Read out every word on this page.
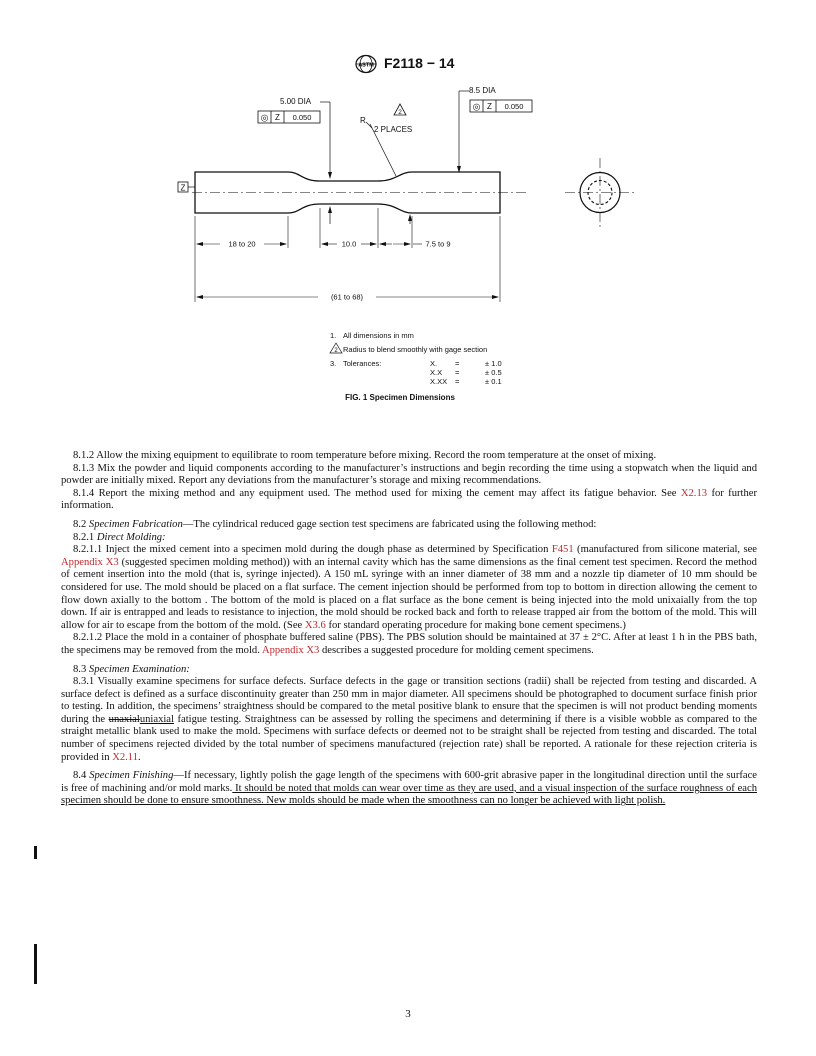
ASTM F2118 − 14
5.00 DIA
◎ Z 0.050
8.5 DIA
◎ Z 0.050
R
2
2 PLACES
Z
18 to 20	10.0	7.5 to 9
(61 to 68)
1. All dimensions in mm
2 Radius to blend smoothly with gage section
3. Tolerances:	X. =	± 1.0
X.X =	± 0.5
X.XX =	± 0.1
FIG. 1 Specimen Dimensions

8.1.2 Allow the mixing equipment to equilibrate to room temperature before mixing. Record the room temperature at the onset of mixing.

8.1.3 Mix the powder and liquid components according to the manufacturer’s instructions and begin recording the time using a stopwatch when the liquid and powder are initially mixed. Report any deviations from the manufacturer’s storage and mixing recommendations.

8.1.4 Report the mixing method and any equipment used. The method used for mixing the cement may affect its fatigue behavior. See X2.13 for further information.

8.2 Specimen Fabrication—The cylindrical reduced gage section test specimens are fabricated using the following method:

8.2.1 Direct Molding:

8.2.1.1 Inject the mixed cement into a specimen mold during the dough phase as determined by Specification F451 (manufactured from silicone material, see Appendix X3 (suggested specimen molding method)) with an internal cavity which has the same dimensions as the final cement test specimen. Record the method of cement insertion into the mold (that is, syringe injected). A 150 mL syringe with an inner diameter of 38 mm and a nozzle tip diameter of 10 mm should be considered for use. The mold should be placed on a flat surface. The cement injection should be performed from top to bottom in direction allowing the cement to flow down axially to the bottom . The bottom of the mold is placed on a flat surface as the bone cement is being injected into the mold unixaially from the top down. If air is entrapped and leads to resistance to injection, the mold should be rocked back and forth to release trapped air from the bottom of the mold. This will allow for air to escape from the bottom of the mold. (See X3.6 for standard operating procedure for making bone cement specimens.)

8.2.1.2 Place the mold in a container of phosphate buffered saline (PBS). The PBS solution should be maintained at 37 ± 2°C. After at least 1 h in the PBS bath, the specimens may be removed from the mold. Appendix X3 describes a suggested procedure for molding cement specimens.

8.3 Specimen Examination:

8.3.1 Visually examine specimens for surface defects. Surface defects in the gage or transition sections (radii) shall be rejected from testing and discarded. A surface defect is defined as a surface discontinuity greater than 250 mm in major diameter. All specimens should be photographed to document surface finish prior to testing. In addition, the specimens’ straightness should be compared to the metal positive blank to ensure that the specimen is will not product bending moments during the unaxialuniaxial fatigue testing. Straightness can be assessed by rolling the specimens and determining if there is a visible wobble as compared to the straight metallic blank used to make the mold. Specimens with surface defects or deemed not to be straight shall be rejected from testing and discarded. The total number of specimens rejected divided by the total number of specimens manufactured (rejection rate) shall be reported. A rationale for these rejection criteria is provided in X2.11.

8.4 Specimen Finishing—If necessary, lightly polish the gage length of the specimens with 600-grit abrasive paper in the longitudinal direction until the surface is free of machining and/or mold marks. It should be noted that molds can wear over time as they are used, and a visual inspection of the surface roughness of each specimen should be done to ensure smoothness. New molds should be made when the smoothness can no longer be achieved with light polish.

3
